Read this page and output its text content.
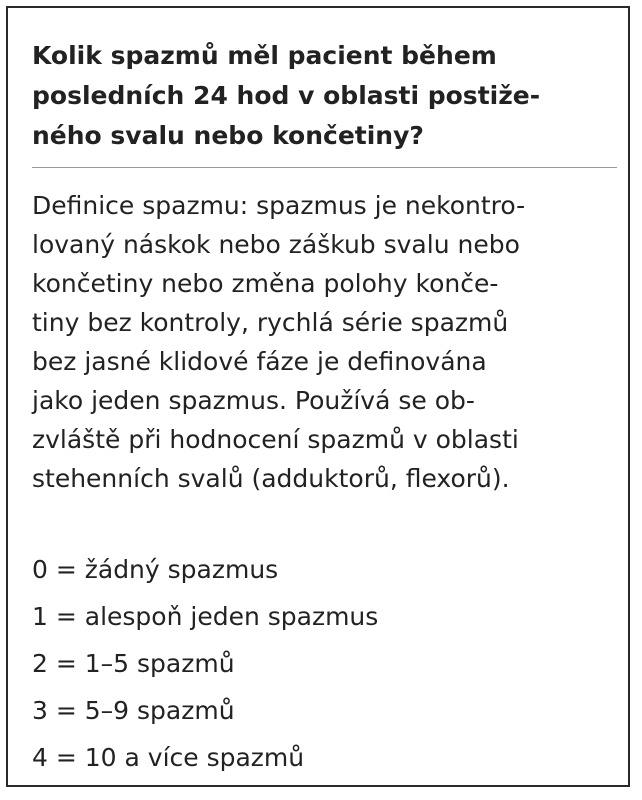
Kolik spazmů měl pacient během
posledních 24 hod v oblasti postiže-
ného svalu nebo končetiny?
Definice spazmu: spazmus je nekontro-
lovaný náskok nebo záškub svalu nebo
končetiny nebo změna polohy konče-
tiny bez kontroly, rychlá série spazmů
bez jasné klidové fáze je definována
jako jeden spazmus. Používá se ob-
zvláště při hodnocení spazmů v oblasti
stehenních svalů (adduktorů, flexorů).
0 = žádný spazmus
1 = alespoň jeden spazmus
2 = 1–5 spazmů
3 = 5–9 spazmů
4 = 10 a více spazmů
